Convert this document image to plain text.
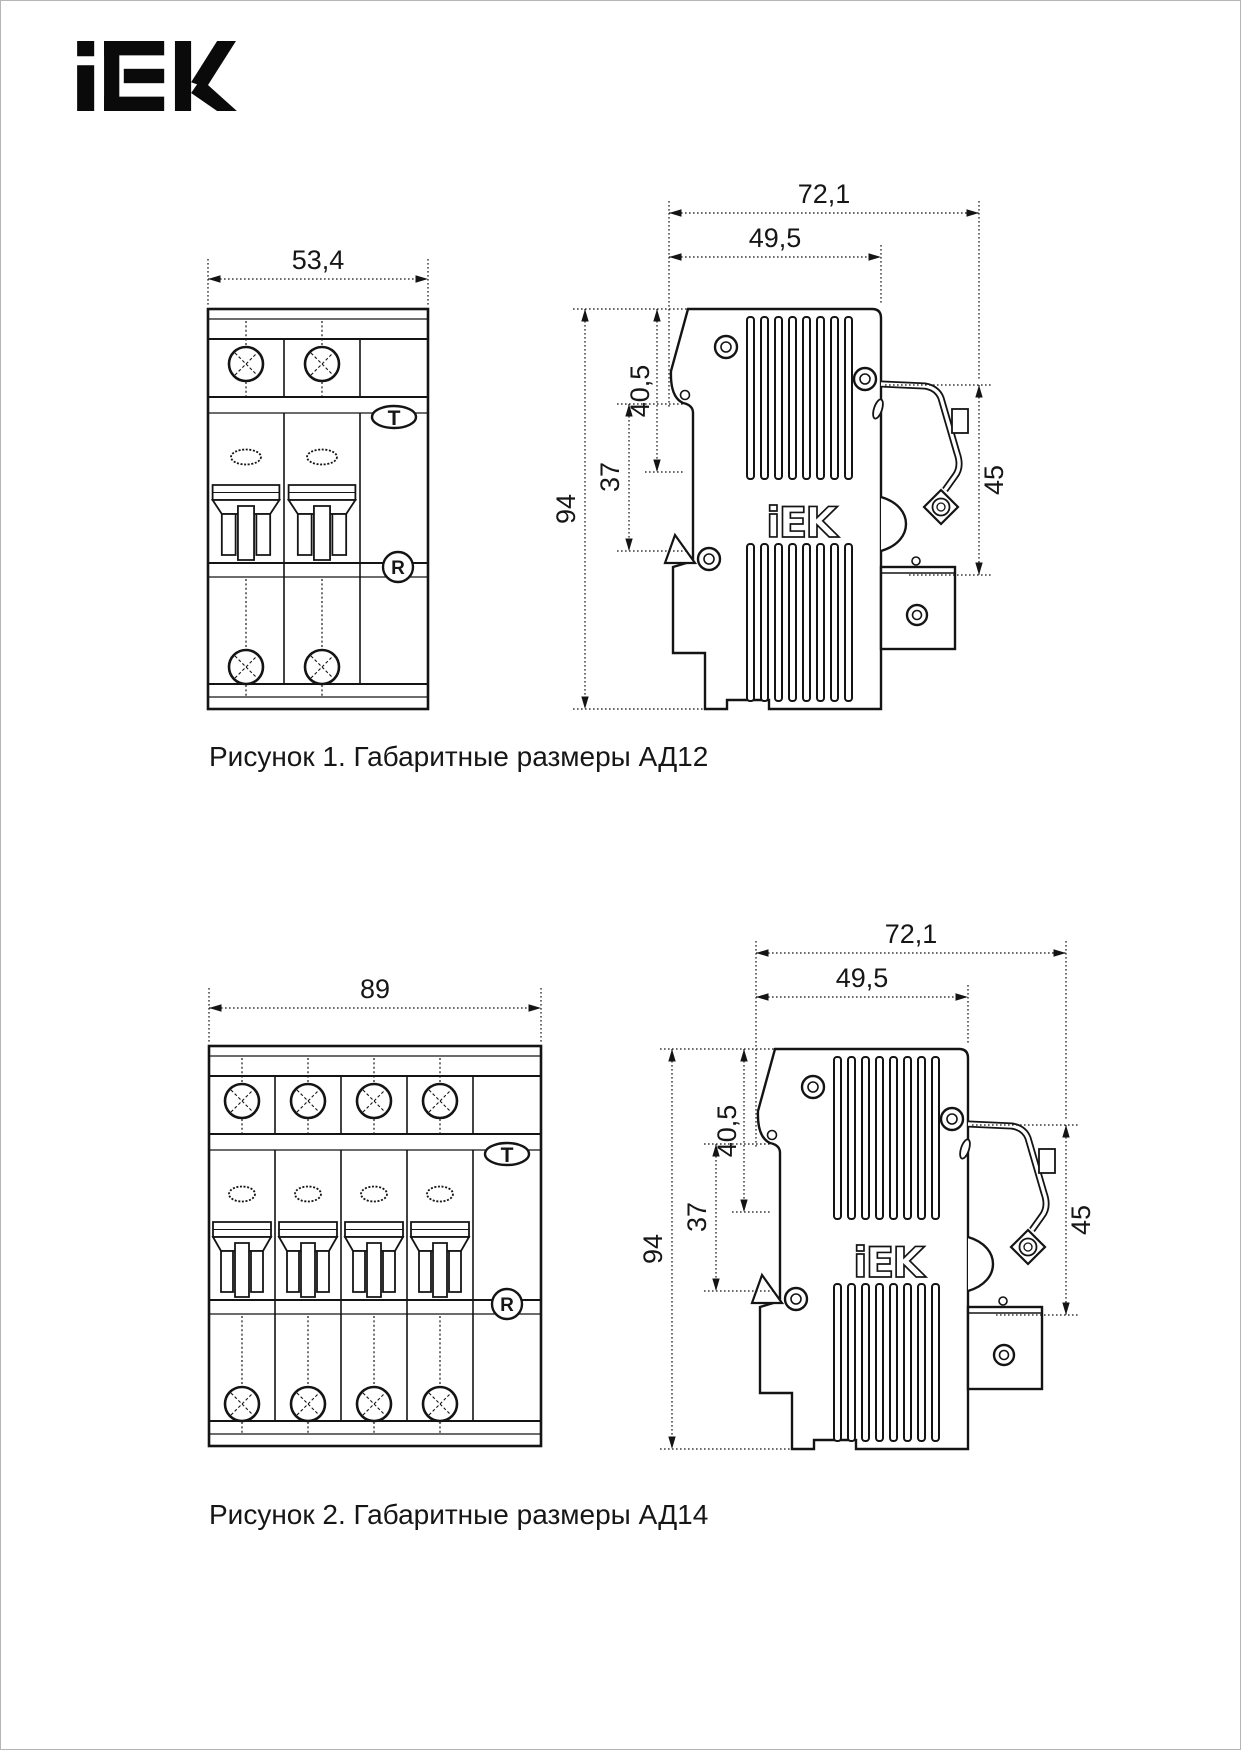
53,4
T
R
iEK
72,1
49,5
94
40,5
37	45
Рисунок 1. Габаритные размеры АД12
89
T
R
iEK
72,1
49,5
94
40,5
37	45
Рисунок 2. Габаритные размеры АД14
